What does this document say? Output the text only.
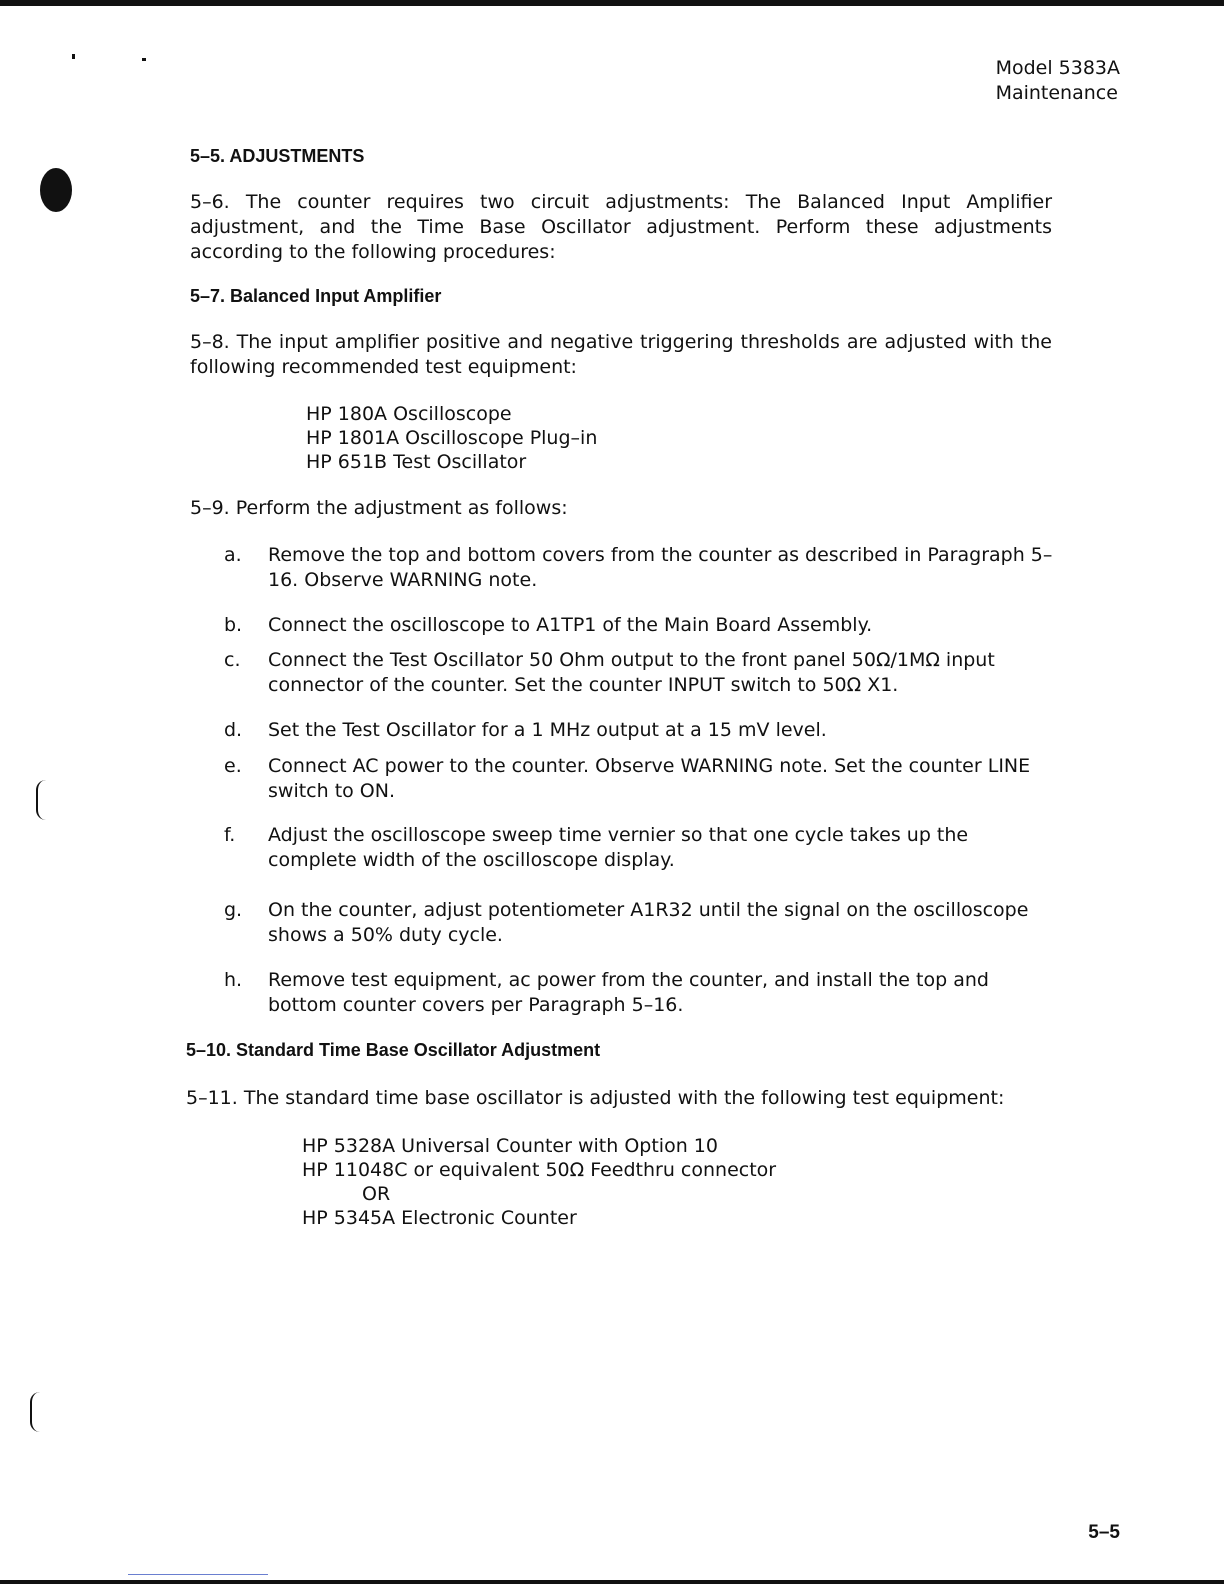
Model 5383A
Maintenance
5–5. ADJUSTMENTS
5–6. The counter requires two circuit adjustments: The Balanced Input Amplifier adjustment, and the Time Base Oscillator adjustment. Perform these adjustments according to the following procedures:
5–7. Balanced Input Amplifier
5–8. The input amplifier positive and negative triggering thresholds are adjusted with the following recommended test equipment:
HP 180A Oscilloscope
HP 1801A Oscilloscope Plug–in
HP 651B Test Oscillator
5–9. Perform the adjustment as follows:
a. Remove the top and bottom covers from the counter as described in Paragraph 5–16. Observe WARNING note.
b. Connect the oscilloscope to A1TP1 of the Main Board Assembly.
c. Connect the Test Oscillator 50 Ohm output to the front panel 50Ω/1MΩ input connector of the counter. Set the counter INPUT switch to 50Ω X1.
d. Set the Test Oscillator for a 1 MHz output at a 15 mV level.
e. Connect AC power to the counter. Observe WARNING note. Set the counter LINE switch to ON.
f. Adjust the oscilloscope sweep time vernier so that one cycle takes up the complete width of the oscilloscope display.
g. On the counter, adjust potentiometer A1R32 until the signal on the oscilloscope shows a 50% duty cycle.
h. Remove test equipment, ac power from the counter, and install the top and bottom counter covers per Paragraph 5–16.
5–10. Standard Time Base Oscillator Adjustment
5–11. The standard time base oscillator is adjusted with the following test equipment:
HP 5328A Universal Counter with Option 10
HP 11048C or equivalent 50Ω Feedthru connector
OR
HP 5345A Electronic Counter
5–5
